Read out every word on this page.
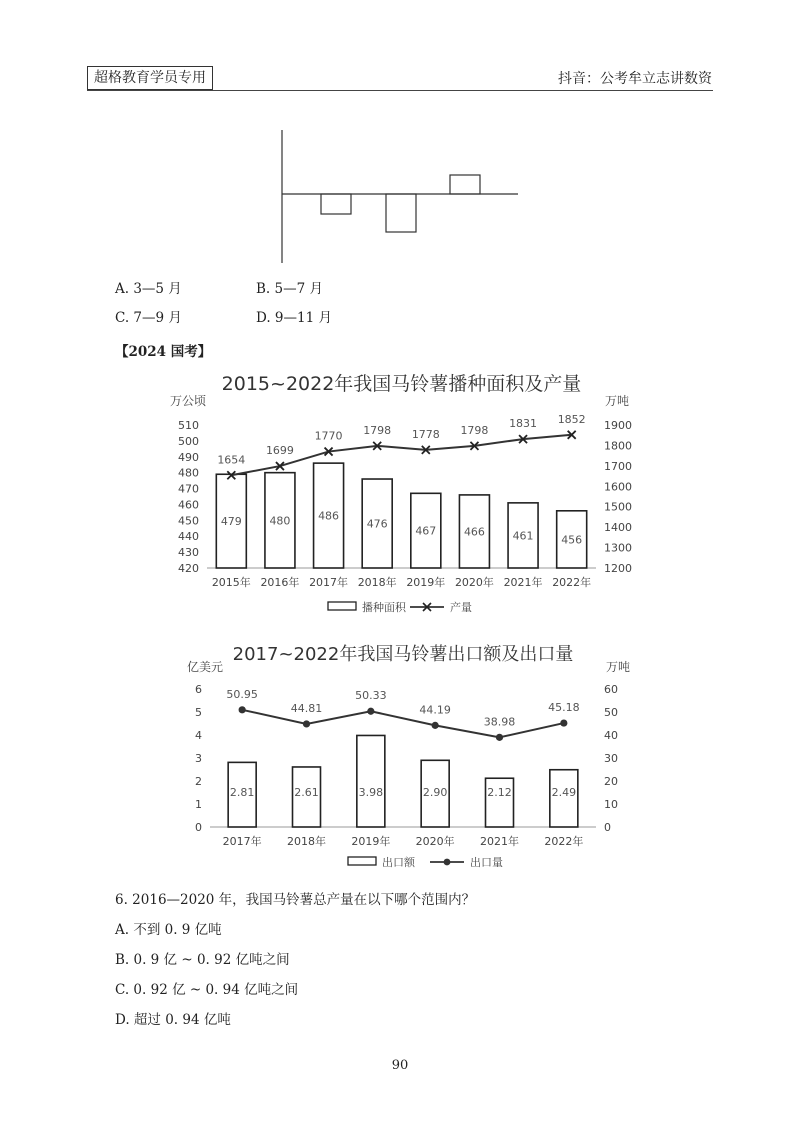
超格教育学员专用	抖音：公考牟立志讲数资
A. 3—5 月	B. 5—7 月
C. 7—9 月	D. 9—11 月
【2024 国考】
2015~2022年我国马铃薯播种面积及产量
万公顷	万吨
510
500
490
480
470
460
450
440
430
420
1900
1800
1700
1600
1500
1400
1300
1200
479	480	486
476
467	466	461	456
2015年 2016年 2017年 2018年 2019年 2020年 2021年 2022年
1654
1699
1770 1798 1778 1798
1831 1852
播种面积	产量
2017~2022年我国马铃薯出口额及出口量
亿美元	万吨
6
5
4
3
2
1
0
60
50
40
30
20
10
0
2.81	2.61	3.98	2.90	2.12	2.49
2017年 2018年 2019年 2020年 2021年 2022年
50.95
44.81
50.33
44.19
38.98
45.18
出口额	出口量
6. 2016—2020 年，我国马铃薯总产量在以下哪个范围内？
A. 不到 0. 9 亿吨
B. 0. 9 亿 ~ 0. 92 亿吨之间
C. 0. 92 亿 ~ 0. 94 亿吨之间
D. 超过 0. 94 亿吨
90
